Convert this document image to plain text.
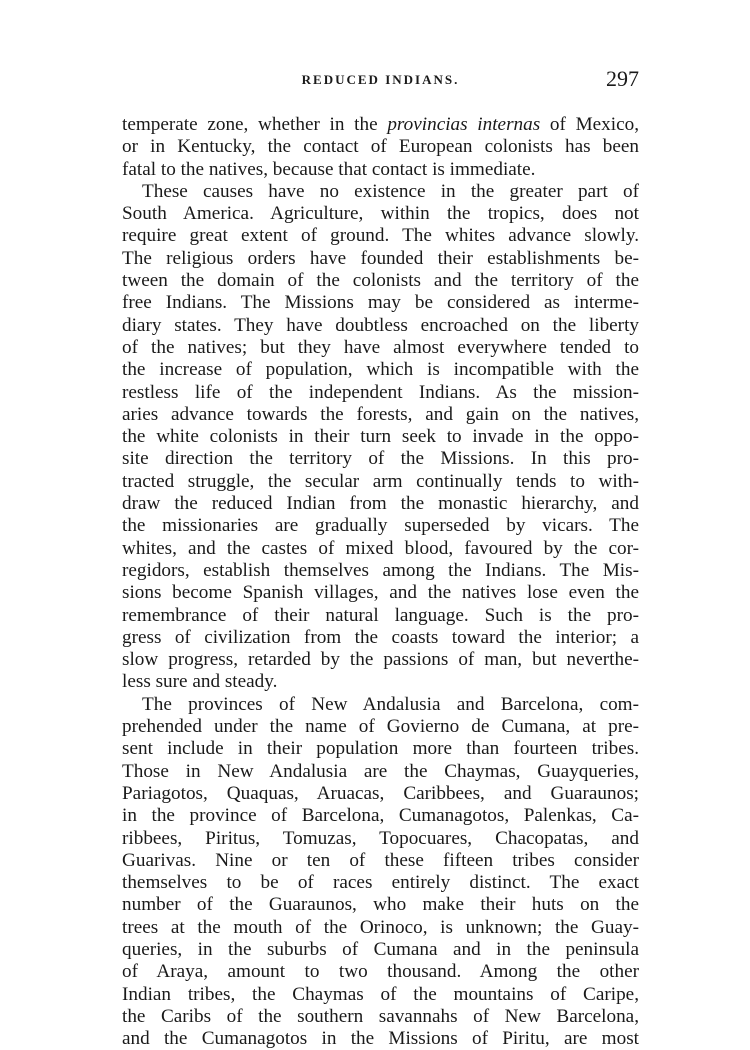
REDUCED INDIANS.	297
temperate zone, whether in the provincias internas of Mexico,
or in Kentucky, the contact of European colonists has been
fatal to the natives, because that contact is immediate.
These causes have no existence in the greater part of
South America. Agriculture, within the tropics, does not
require great extent of ground. The whites advance slowly.
The religious orders have founded their establishments be-
tween the domain of the colonists and the territory of the
free Indians. The Missions may be considered as interme-
diary states. They have doubtless encroached on the liberty
of the natives; but they have almost everywhere tended to
the increase of population, which is incompatible with the
restless life of the independent Indians. As the mission-
aries advance towards the forests, and gain on the natives,
the white colonists in their turn seek to invade in the oppo-
site direction the territory of the Missions. In this pro-
tracted struggle, the secular arm continually tends to with-
draw the reduced Indian from the monastic hierarchy, and
the missionaries are gradually superseded by vicars. The
whites, and the castes of mixed blood, favoured by the cor-
regidors, establish themselves among the Indians. The Mis-
sions become Spanish villages, and the natives lose even the
remembrance of their natural language. Such is the pro-
gress of civilization from the coasts toward the interior; a
slow progress, retarded by the passions of man, but neverthe-
less sure and steady.
The provinces of New Andalusia and Barcelona, com-
prehended under the name of Govierno de Cumana, at pre-
sent include in their population more than fourteen tribes.
Those in New Andalusia are the Chaymas, Guayqueries,
Pariagotos, Quaquas, Aruacas, Caribbees, and Guaraunos;
in the province of Barcelona, Cumanagotos, Palenkas, Ca-
ribbees, Piritus, Tomuzas, Topocuares, Chacopatas, and
Guarivas. Nine or ten of these fifteen tribes consider
themselves to be of races entirely distinct. The exact
number of the Guaraunos, who make their huts on the
trees at the mouth of the Orinoco, is unknown; the Guay-
queries, in the suburbs of Cumana and in the peninsula
of Araya, amount to two thousand. Among the other
Indian tribes, the Chaymas of the mountains of Caripe,
the Caribs of the southern savannahs of New Barcelona,
and the Cumanagotos in the Missions of Piritu, are most
